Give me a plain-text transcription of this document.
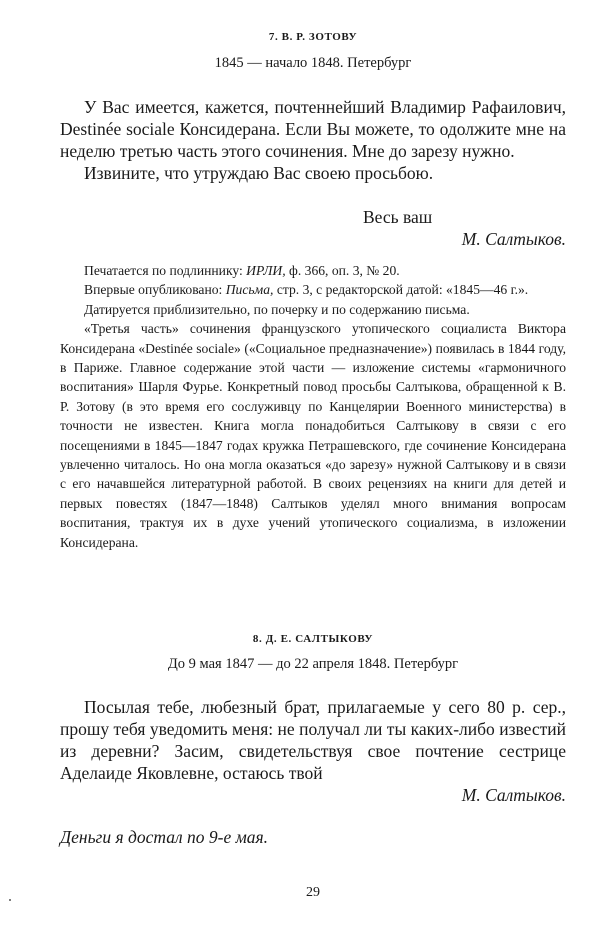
7. В. Р. ЗОТОВУ
1845 — начало 1848. Петербург

У Вас имеется, кажется, почтеннейший Владимир Рафаилович, Destinée sociale Консидерана. Если Вы можете, то одолжите мне на неделю третью часть этого сочинения. Мне до зарезу нужно.

Извините, что утруждаю Вас своею просьбою.

Весь ваш
М. Салтыков.

Печатается по подлиннику: ИРЛИ, ф. 366, оп. 3, № 20.

Впервые опубликовано: Письма, стр. 3, с редакторской датой: «1845—46 г.».

Датируется приблизительно, по почерку и по содержанию письма.

«Третья часть» сочинения французского утопического социалиста Виктора Консидерана «Destinée sociale» («Социальное предназначение») появилась в 1844 году, в Париже. Главное содержание этой части — изложение системы «гармоничного воспитания» Шарля Фурье. Конкретный повод просьбы Салтыкова, обращенной к В. Р. Зотову (в это время его сослуживцу по Канцелярии Военного министерства) в точности не известен. Книга могла понадобиться Салтыкову в связи с его посещениями в 1845—1847 годах кружка Петрашевского, где сочинение Консидерана увлеченно читалось. Но она могла оказаться «до зарезу» нужной Салтыкову и в связи с его начавшейся литературной работой. В своих рецензиях на книги для детей и первых повестях (1847—1848) Салтыков уделял много внимания вопросам воспитания, трактуя их в духе учений утопического социализма, в изложении Консидерана.

8. Д. Е. САЛТЫКОВУ
До 9 мая 1847 — до 22 апреля 1848. Петербург

Посылая тебе, любезный брат, прилагаемые у сего 80 р. сер., прошу тебя уведомить меня: не получал ли ты каких-либо известий из деревни? Засим, свидетельствуя свое почтение сестрице Аделаиде Яковлевне, остаюсь твой

М. Салтыков.
Деньги я достал по 9-е мая.
29
